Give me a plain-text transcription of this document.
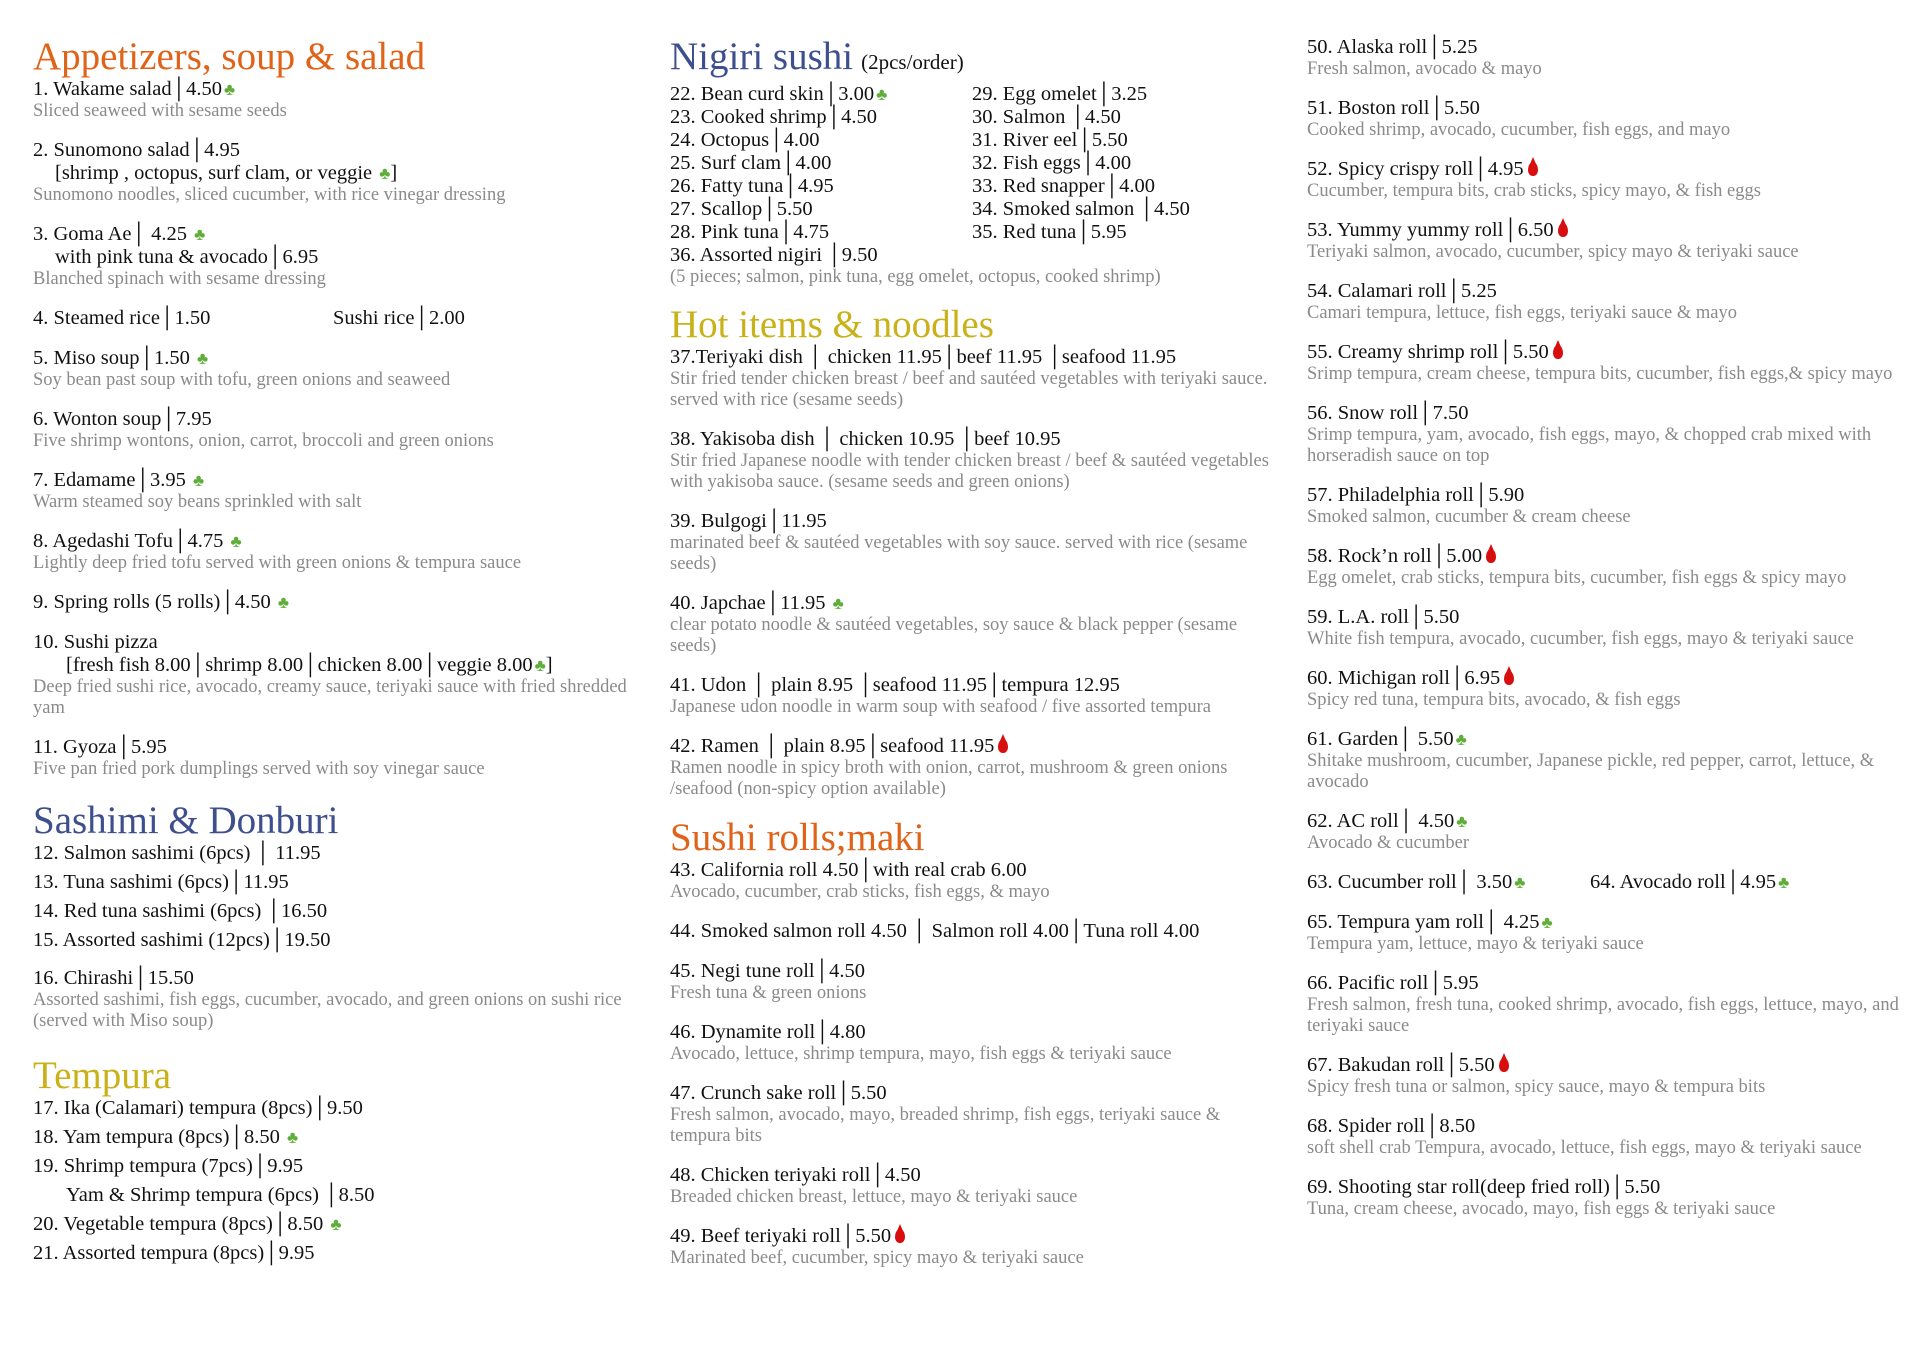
Appetizers, soup & salad
1. Wakame salad│4.50 ♣
Sliced seaweed with sesame seeds
2. Sunomono salad│4.95
[shrimp , octopus, surf clam, or veggie ♣]
Sunomono noodles, sliced cucumber, with rice vinegar dressing
3. Goma Ae│ 4.25 ♣
with pink tuna & avocado│6.95
Blanched spinach with sesame dressing
4. Steamed rice│1.50	Sushi rice│2.00
5. Miso soup│1.50 ♣
Soy bean past soup with tofu, green onions and seaweed
6. Wonton soup│7.95
Five shrimp wontons, onion, carrot, broccoli and green onions
7. Edamame│3.95 ♣
Warm steamed soy beans sprinkled with salt
8. Agedashi Tofu│4.75 ♣
Lightly deep fried tofu served with green onions & tempura sauce
9. Spring rolls (5 rolls)│4.50 ♣
10. Sushi pizza
[fresh fish 8.00│shrimp 8.00│chicken 8.00│veggie 8.00 ♣]
Deep fried sushi rice, avocado, creamy sauce, teriyaki sauce with fried shredded yam
11. Gyoza│5.95
Five pan fried pork dumplings served with soy vinegar sauce
Sashimi & Donburi
12. Salmon sashimi (6pcs) │ 11.95
13. Tuna sashimi (6pcs)│11.95
14. Red tuna sashimi (6pcs) │16.50
15. Assorted sashimi (12pcs)│19.50
16. Chirashi│15.50
Assorted sashimi, fish eggs, cucumber, avocado, and green onions on sushi rice (served with Miso soup)
Tempura
17. Ika (Calamari) tempura (8pcs)│9.50
18. Yam tempura (8pcs)│8.50 ♣
19. Shrimp tempura (7pcs)│9.95
Yam & Shrimp tempura (6pcs) │8.50
20. Vegetable tempura (8pcs)│8.50 ♣
21. Assorted tempura (8pcs)│9.95
Nigiri sushi (2pcs/order)
22. Bean curd skin│3.00 ♣
23. Cooked shrimp│4.50
24. Octopus│4.00
25. Surf clam│4.00
26. Fatty tuna│4.95
27. Scallop│5.50
28. Pink tuna│4.75
29. Egg omelet│3.25
30. Salmon │4.50
31. River eel│5.50
32. Fish eggs│4.00
33. Red snapper│4.00
34. Smoked salmon │4.50
35. Red tuna│5.95
36. Assorted nigiri │9.50
(5 pieces; salmon, pink tuna, egg omelet, octopus, cooked shrimp)
Hot items & noodles
37.Teriyaki dish │ chicken 11.95│beef 11.95 │seafood 11.95
Stir fried tender chicken breast / beef and sautéed vegetables with teriyaki sauce. served with rice (sesame seeds)
38. Yakisoba dish │ chicken 10.95 │beef 10.95
Stir fried Japanese noodle with tender chicken breast / beef & sautéed vegetables with yakisoba sauce. (sesame seeds and green onions)
39. Bulgogi│11.95
marinated beef & sautéed vegetables with soy sauce. served with rice (sesame seeds)
40. Japchae│11.95 ♣
clear potato noodle & sautéed vegetables, soy sauce & black pepper (sesame seeds)
41. Udon │ plain 8.95 │seafood 11.95│tempura 12.95
Japanese udon noodle in warm soup with seafood / five assorted tempura
42. Ramen │ plain 8.95│seafood 11.95
Ramen noodle in spicy broth with onion, carrot, mushroom & green onions /seafood (non-spicy option available)
Sushi rolls;maki
43. California roll 4.50│with real crab 6.00
Avocado, cucumber, crab sticks, fish eggs, & mayo
44. Smoked salmon roll 4.50 │ Salmon roll 4.00│Tuna roll 4.00
45. Negi tune roll│4.50
Fresh tuna & green onions
46. Dynamite roll│4.80
Avocado, lettuce, shrimp tempura, mayo, fish eggs & teriyaki sauce
47. Crunch sake roll│5.50
Fresh salmon, avocado, mayo, breaded shrimp, fish eggs, teriyaki sauce & tempura bits
48. Chicken teriyaki roll│4.50
Breaded chicken breast, lettuce, mayo & teriyaki sauce
49. Beef teriyaki roll│5.50
Marinated beef, cucumber, spicy mayo & teriyaki sauce
50. Alaska roll│5.25
Fresh salmon, avocado & mayo
51. Boston roll│5.50
Cooked shrimp, avocado, cucumber, fish eggs, and mayo
52. Spicy crispy roll│4.95
Cucumber, tempura bits, crab sticks, spicy mayo, & fish eggs
53. Yummy yummy roll│6.50
Teriyaki salmon, avocado, cucumber, spicy mayo & teriyaki sauce
54. Calamari roll│5.25
Camari tempura, lettuce, fish eggs, teriyaki sauce & mayo
55. Creamy shrimp roll│5.50
Srimp tempura, cream cheese, tempura bits, cucumber, fish eggs,& spicy mayo
56. Snow roll│7.50
Srimp tempura, yam, avocado, fish eggs, mayo, & chopped crab mixed with horseradish sauce on top
57. Philadelphia roll│5.90
Smoked salmon, cucumber & cream cheese
58. Rock’n roll│5.00
Egg omelet, crab sticks, tempura bits, cucumber, fish eggs & spicy mayo
59. L.A. roll│5.50
White fish tempura, avocado, cucumber, fish eggs, mayo & teriyaki sauce
60. Michigan roll│6.95
Spicy red tuna, tempura bits, avocado, & fish eggs
61. Garden│ 5.50 ♣
Shitake mushroom, cucumber, Japanese pickle, red pepper, carrot, lettuce, & avocado
62. AC roll│ 4.50 ♣
Avocado & cucumber
63. Cucumber roll│ 3.50 ♣	64. Avocado roll│4.95 ♣
65. Tempura yam roll│ 4.25 ♣
Tempura yam, lettuce, mayo & teriyaki sauce
66. Pacific roll│5.95
Fresh salmon, fresh tuna, cooked shrimp, avocado, fish eggs, lettuce, mayo, and teriyaki sauce
67. Bakudan roll│5.50
Spicy fresh tuna or salmon, spicy sauce, mayo & tempura bits
68. Spider roll│8.50
soft shell crab Tempura, avocado, lettuce, fish eggs, mayo & teriyaki sauce
69. Shooting star roll(deep fried roll)│5.50
Tuna, cream cheese, avocado, mayo, fish eggs & teriyaki sauce
